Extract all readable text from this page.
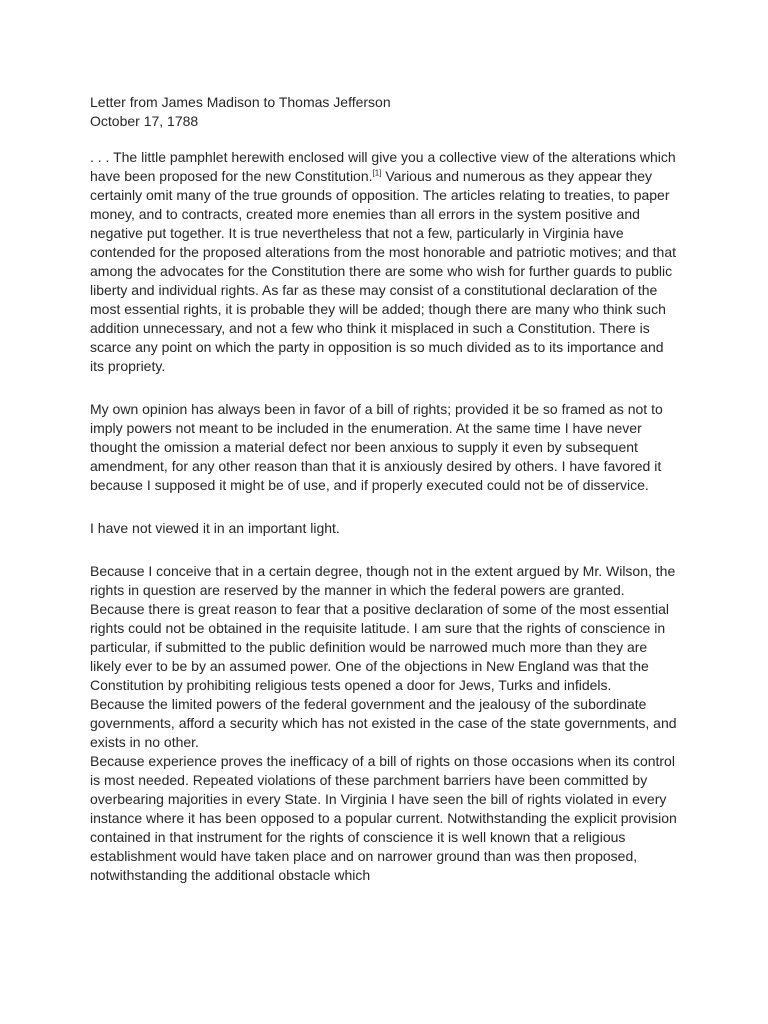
Letter from James Madison to Thomas Jefferson
October 17, 1788

. . . The little pamphlet herewith enclosed will give you a collective view of the alterations which have been proposed for the new Constitution.[1] Various and numerous as they appear they certainly omit many of the true grounds of opposition. The articles relating to treaties, to paper money, and to contracts, created more enemies than all errors in the system positive and negative put together. It is true nevertheless that not a few, particularly in Virginia have contended for the proposed alterations from the most honorable and patriotic motives; and that among the advocates for the Constitution there are some who wish for further guards to public liberty and individual rights. As far as these may consist of a constitutional declaration of the most essential rights, it is probable they will be added; though there are many who think such addition unnecessary, and not a few who think it misplaced in such a Constitution. There is scarce any point on which the party in opposition is so much divided as to its importance and its propriety.

My own opinion has always been in favor of a bill of rights; provided it be so framed as not to imply powers not meant to be included in the enumeration. At the same time I have never thought the omission a material defect nor been anxious to supply it even by subsequent amendment, for any other reason than that it is anxiously desired by others. I have favored it because I supposed it might be of use, and if properly executed could not be of disservice.

I have not viewed it in an important light.

Because I conceive that in a certain degree, though not in the extent argued by Mr. Wilson, the rights in question are reserved by the manner in which the federal powers are granted.

Because there is great reason to fear that a positive declaration of some of the most essential rights could not be obtained in the requisite latitude. I am sure that the rights of conscience in particular, if submitted to the public definition would be narrowed much more than they are likely ever to be by an assumed power. One of the objections in New England was that the Constitution by prohibiting religious tests opened a door for Jews, Turks and infidels.

Because the limited powers of the federal government and the jealousy of the subordinate governments, afford a security which has not existed in the case of the state governments, and exists in no other.

Because experience proves the inefficacy of a bill of rights on those occasions when its control is most needed. Repeated violations of these parchment barriers have been committed by overbearing majorities in every State. In Virginia I have seen the bill of rights violated in every instance where it has been opposed to a popular current. Notwithstanding the explicit provision contained in that instrument for the rights of conscience it is well known that a religious establishment would have taken place and on narrower ground than was then proposed, notwithstanding the additional obstacle which
